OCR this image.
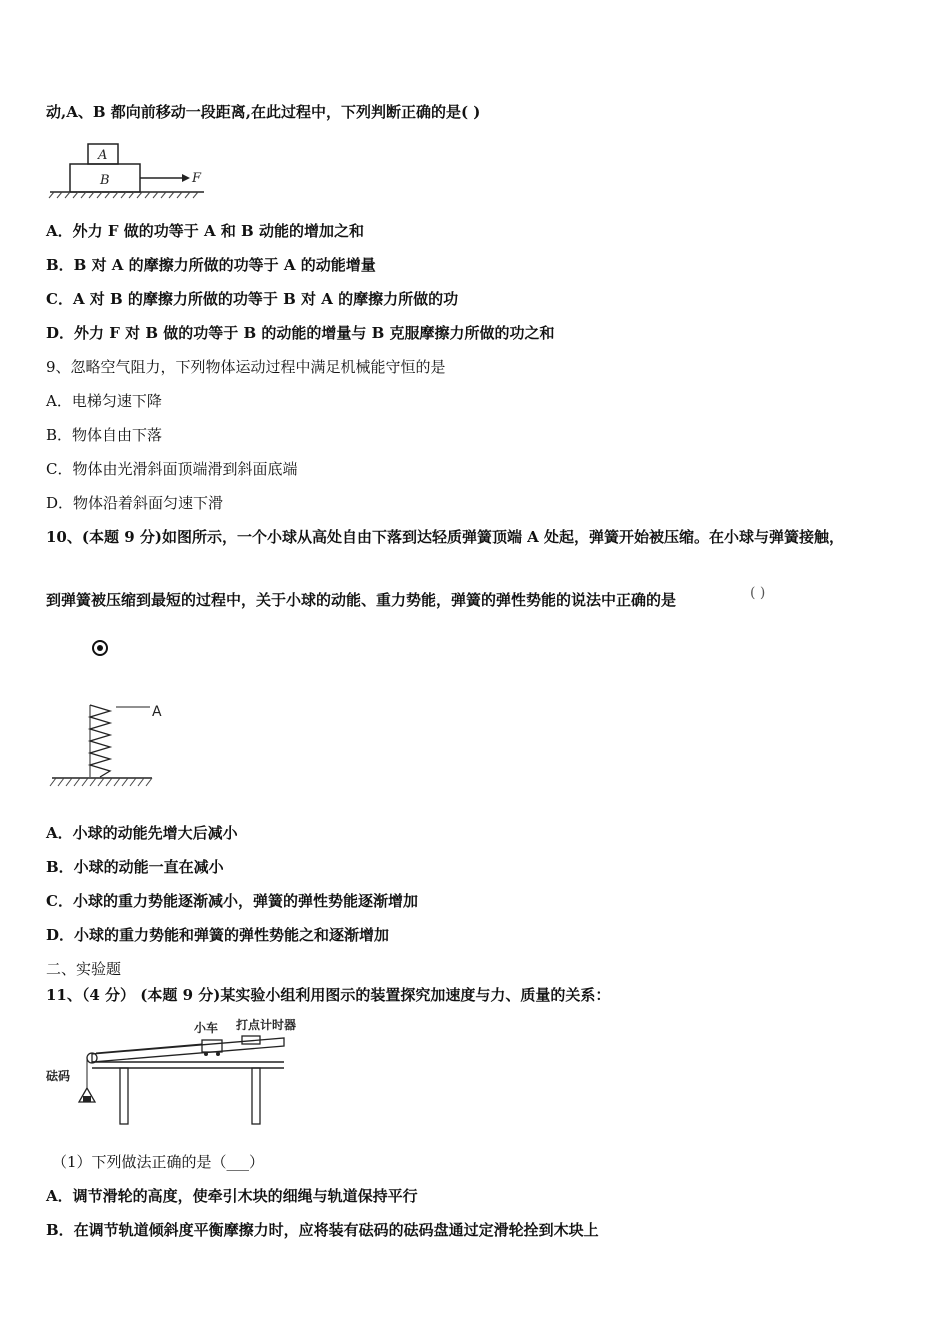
动,A、B 都向前移动一段距离,在此过程中，下列判断正确的是( )
A
B	F
A．外力 F 做的功等于 A 和 B 动能的增加之和
B．B 对 A 的摩擦力所做的功等于 A 的动能增量
C．A 对 B 的摩擦力所做的功等于 B 对 A 的摩擦力所做的功
D．外力 F 对 B 做的功等于 B 的动能的增量与 B 克服摩擦力所做的功之和
9、忽略空气阻力，下列物体运动过程中满足机械能守恒的是
A．电梯匀速下降
B．物体自由下落
C．物体由光滑斜面顶端滑到斜面底端
D．物体沿着斜面匀速下滑
10、(本题 9 分)如图所示，一个小球从高处自由下落到达轻质弹簧顶端 A 处起，弹簧开始被压缩。在小球与弹簧接触，
到弹簧被压缩到最短的过程中，关于小球的动能、重力势能，弹簧的弹性势能的说法中正确的是	( )
A
A．小球的动能先增大后减小
B．小球的动能一直在减小
C．小球的重力势能逐渐减小，弹簧的弹性势能逐渐增加
D．小球的重力势能和弹簧的弹性势能之和逐渐增加
二、实验题
11、（4 分） (本题 9 分)某实验小组利用图示的装置探究加速度与力、质量的关系：
小车 打点计时器
砝码
（1）下列做法正确的是（___）
A．调节滑轮的高度，使牵引木块的细绳与轨道保持平行
B．在调节轨道倾斜度平衡摩擦力时，应将装有砝码的砝码盘通过定滑轮拴到木块上
